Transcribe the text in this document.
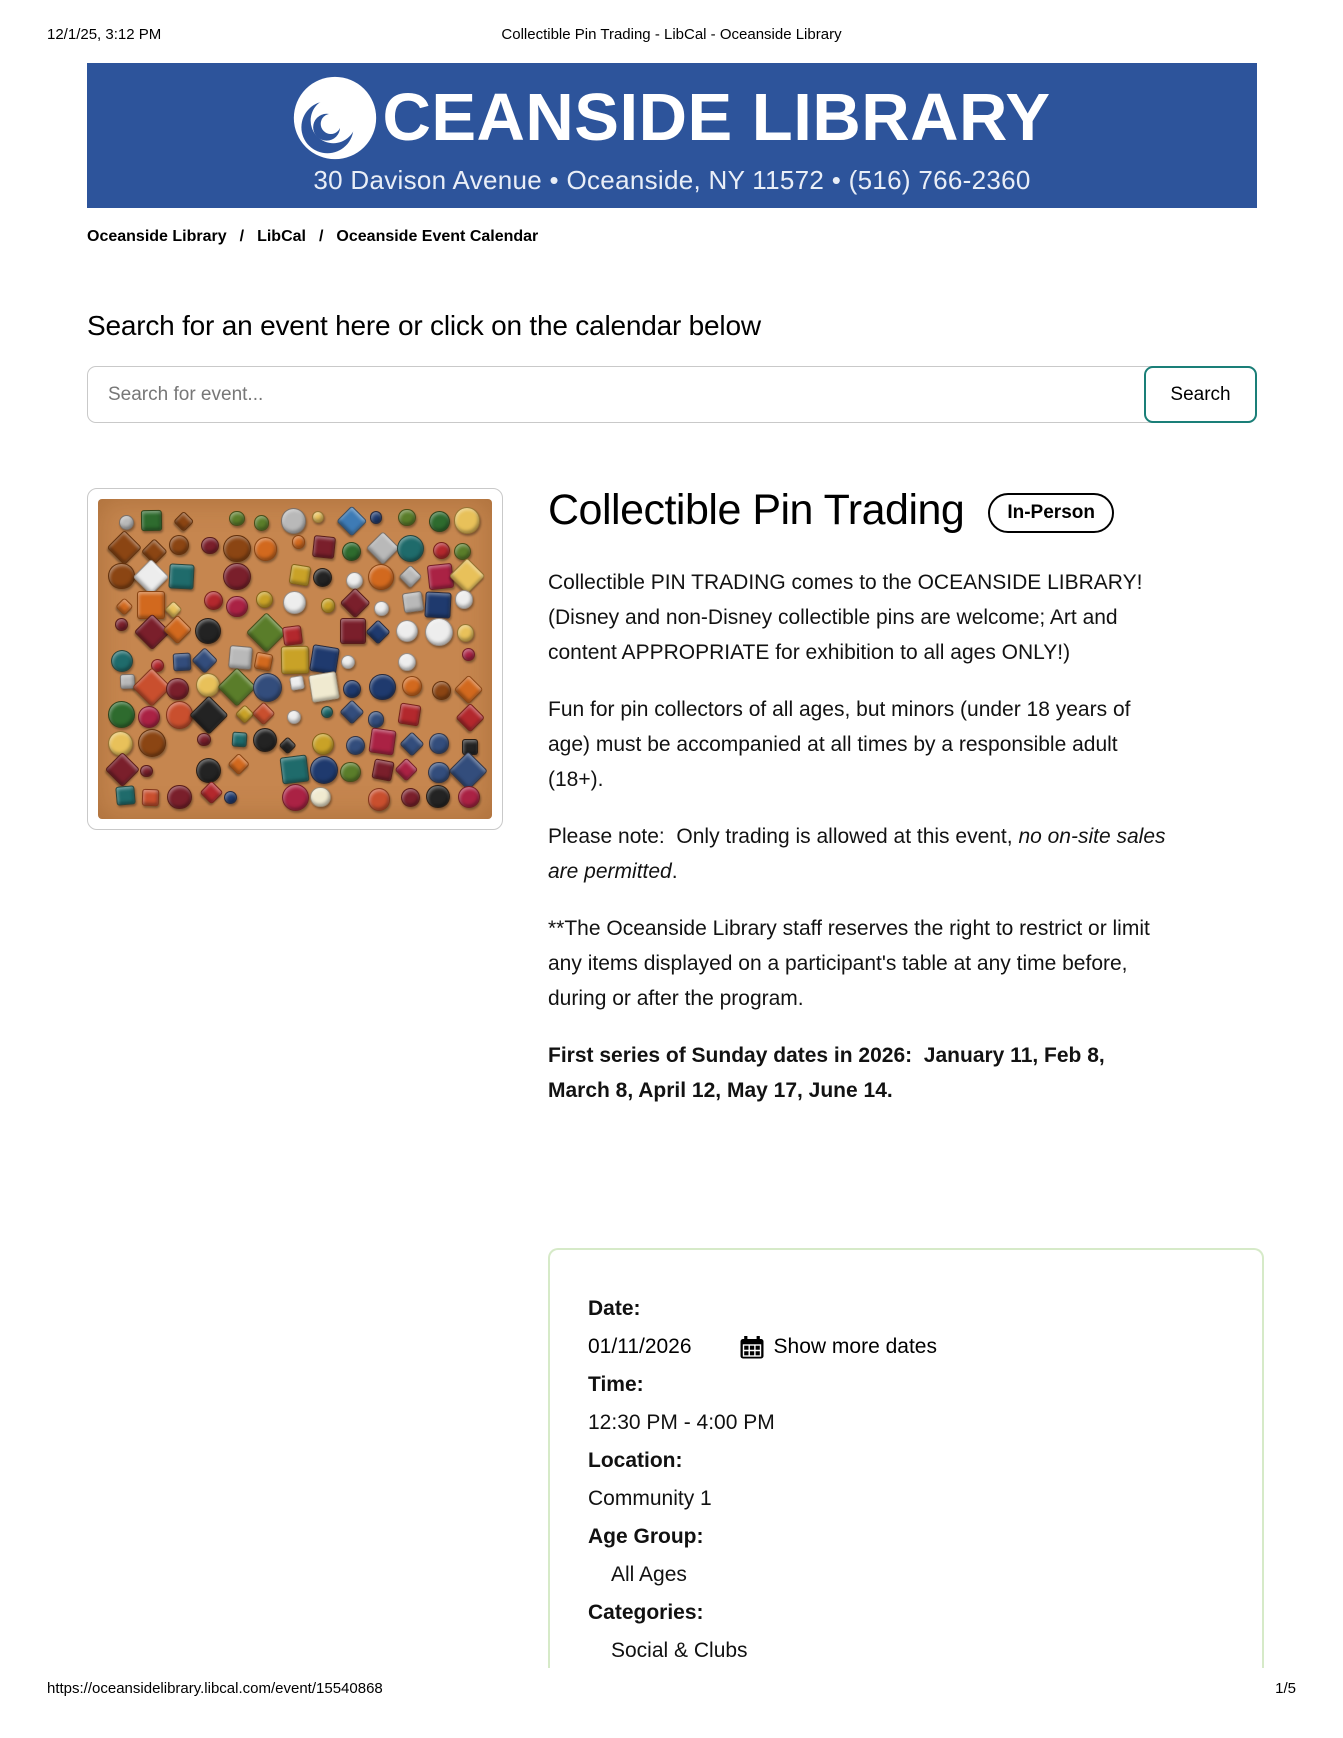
12/1/25, 3:12 PM	Collectible Pin Trading - LibCal - Oceanside Library
CEANSIDE LIBRARY
30 Davison Avenue • Oceanside, NY 11572 • (516) 766-2360
Oceanside Library / LibCal / Oceanside Event Calendar
Search for an event here or click on the calendar below
Search for event...
Search
Collectible Pin Trading	In-Person

Collectible PIN TRADING comes to the OCEANSIDE LIBRARY! (Disney and non-Disney collectible pins are welcome; Art and content APPROPRIATE for exhibition to all ages ONLY!)

Fun for pin collectors of all ages, but minors (under 18 years of age) must be accompanied at all times by a responsible adult (18+).

Please note:  Only trading is allowed at this event, no on-site sales are permitted.

**The Oceanside Library staff reserves the right to restrict or limit any items displayed on a participant's table at any time before, during or after the program.

First series of Sunday dates in 2026:  January 11, Feb 8, March 8, April 12, May 17, June 14.

Date:
01/11/2026	Show more dates
Time:
12:30 PM - 4:00 PM
Location:
Community 1
Age Group:
All Ages
Categories:
Social & Clubs
https://oceansidelibrary.libcal.com/event/15540868	1/5
